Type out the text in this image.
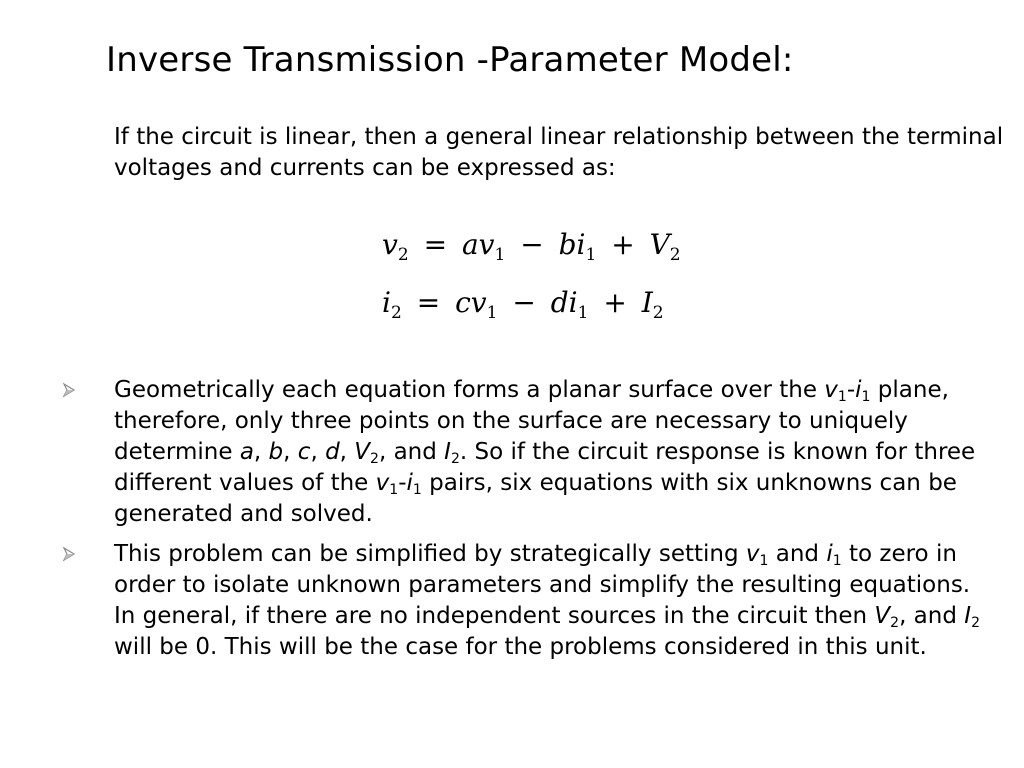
Inverse Transmission -Parameter Model:
If the circuit is linear, then a general linear relationship between the terminal voltages and currents can be expressed as:
$v_2 = av_1 - bi_1 + V_2$
$i_2 = cv_1 - di_1 + I_2$
Geometrically each equation forms a planar surface over the $v_1-i_1$ plane, therefore, only three points on the surface are necessary to uniquely determine a, b, c, d, $V_2$, and $I_2$. So if the circuit response is known for three different values of the $v_1-i_1$ pairs, six equations with six unknowns can be generated and solved.
This problem can be simplified by strategically setting $v_1$ and $i_1$ to zero in order to isolate unknown parameters and simplify the resulting equations. In general, if there are no independent sources in the circuit then $V_2$, and $I_2$ will be 0. This will be the case for the problems considered in this unit.
